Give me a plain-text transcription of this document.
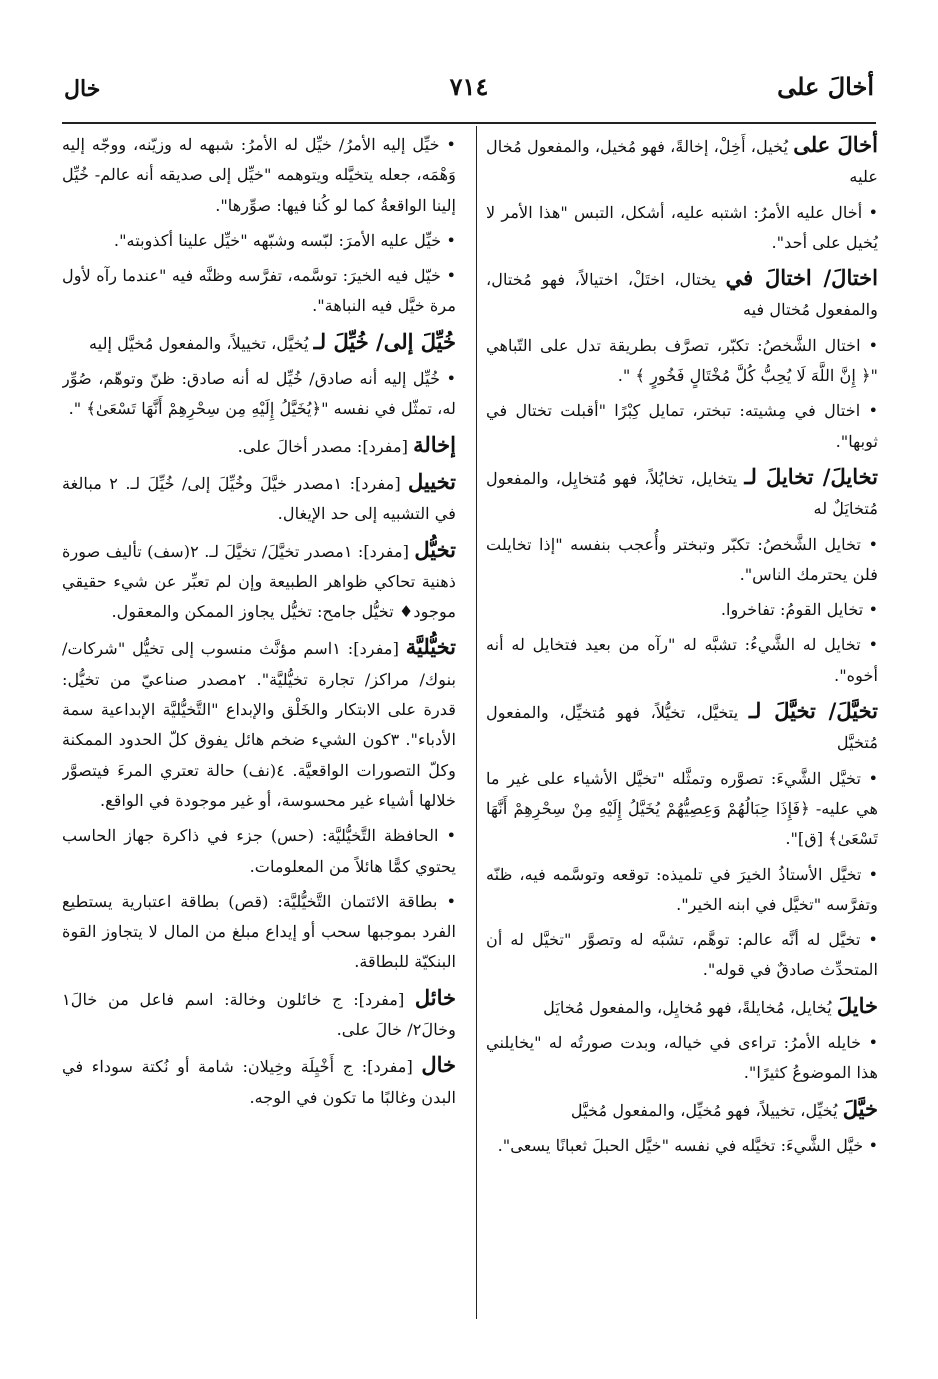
أخالَ على
٧١٤
خال

أخالَ على يُخيل، أَخِلْ، إخالةً، فهو مُخيل، والمفعول مُخال عليه

• أخال عليه الأمرُ: اشتبه عليه، أشكل، التبس "هذا الأمر لا يُخيل على أحد".

اختالَ/ اختالَ في يختال، اختَلْ، اختيالاً، فهو مُختال، والمفعول مُختال فيه

• اختال الشَّخصُ: تكبّر، تصرَّف بطريقة تدل على التّباهي "﴿ إِنَّ اللَّهَ لَا يُحِبُّ كُلَّ مُخْتَالٍ فَخُورٍ ﴾ ".

• اختال في مِشيته: تبختر، تمايل كِبْرًا "أقبلت تختال في ثوبها".

تخايلَ/ تخايلَ لـ يتخايل، تخايُلاً، فهو مُتخايِل، والمفعول مُتخايَلٌ له

• تخايل الشَّخصُ: تكبّر وتبختر وأُعجب بنفسه "إذا تخايلت فلن يحترمك الناس".

• تخايل القومُ: تفاخروا.

• تخايل له الشَّيءُ: تشبَّه له "رآه من بعيد فتخايل له أنه أخوه".

تخيَّلَ/ تخيَّلَ لـ يتخيَّل، تخيُّلاً، فهو مُتخيِّل، والمفعول مُتخيَّل

• تخيَّل الشَّيءَ: تصوَّره وتمثَّله "تخيَّل الأشياء على غير ما هي عليه- ﴿فَإِذَا حِبَالُهُمْ وَعِصِيُّهُمْ يُخَيَّلُ إِلَيْهِ مِنْ سِحْرِهِمْ أَنَّهَا تَسْعَىٰ﴾ [ق]".

• تخيَّل الأستاذُ الخيرَ في تلميذه: توقعه وتوسَّمه فيه، ظنّه وتفرَّسه "تخيَّل في ابنه الخير".

• تخيَّل له أنَّه عالم: توهَّم، تشبَّه له وتصوَّر "تخيَّل له أن المتحدِّث صادقٌ في قوله".

خايلَ يُخايل، مُخايلةً، فهو مُخايِل، والمفعول مُخايَل

• خايله الأمرُ: تراءى في خياله، وبدت صورتُه له "يخايلني هذا الموضوعُ كثيرًا".

خيَّلَ يُخيِّل، تخييلاً، فهو مُخيِّل، والمفعول مُخيَّل

• خيَّل الشَّيءَ: تخيَّله في نفسه "خيَّل الحبلَ ثعبانًا يسعى".

• خيِّل إليه الأمرُ/ خيِّل له الأمرُ: شبهه له وزيّنه، ووجّه إليه وَهْمَه، جعله يتخيَّله ويتوهمه "خيِّل إلى صديقه أنه عالم- خُيِّل إلينا الواقعةُ كما لو كُنا فيها: صوِّرها".

• خيِّل عليه الأمرَ: لبّسه وشبّهه "خيِّل علينا أكذوبته".

• خيّل فيه الخيرَ: توسَّمه، تفرَّسه وظنَّه فيه "عندما رآه لأول مرة خيَّل فيه النباهة".

خُيِّلَ إلى/ خُيِّلَ لـ يُخيَّل، تخييلاً، والمفعول مُخيَّل إليه

• خُيِّل إليه أنه صادق/ خُيِّل له أنه صادق: ظنّ وتوهّم، صُوِّر له، تمثّل في نفسه "﴿يُخَيَّلُ إِلَيْهِ مِن سِحْرِهِمْ أَنَّهَا تَسْعَىٰ﴾ ".

إخالة [مفرد]: مصدر أخالَ على.

تخييل [مفرد]: ١مصدر خيَّلَ وخُيِّلَ إلى/ خُيِّلَ لـ. ٢ مبالغة في التشبيه إلى حد الإيغال.

تخيُّل [مفرد]: ١مصدر تخيَّلَ/ تخيَّلَ لـ. ٢(سف) تأليف صورة ذهنية تحاكي ظواهر الطبيعة وإن لم تعبِّر عن شيء حقيقي موجود♦ تخيُّل جامح: تخيُّل يجاوز الممكن والمعقول.

تخيُّليَّة [مفرد]: ١اسم مؤنَّث منسوب إلى تخيُّل "شركات/ بنوك/ مراكز/ تجارة تخيُّليَّة". ٢مصدر صناعيّ من تخيُّل: قدرة على الابتكار والخَلْق والإبداع "التَّخيُّليَّة الإبداعية سمة الأدباء". ٣كون الشيء ضخم هائل يفوق كلّ الحدود الممكنة وكلّ التصورات الواقعيَّة. ٤(نف) حالة تعتري المرءَ فيتصوَّر خلالها أشياء غير محسوسة، أو غير موجودة في الواقع.

• الحافظة التَّخيُّليَّة: (حس) جزء في ذاكرة جهاز الحاسب يحتوي كمًّا هائلاً من المعلومات.

• بطاقة الائتمان التَّخيُّليَّة: (قص) بطاقة اعتبارية يستطيع الفرد بموجبها سحب أو إيداع مبلغ من المال لا يتجاوز القوة البنكيّة للبطاقة.

خائل [مفرد]: ج خائلون وخالة: اسم فاعل من خالَ١ وخالَ٢/ خالَ على.

خال [مفرد]: ج أَخْيِلَة وخِيلان: شامة أو نُكتة سوداء في البدن وغالبًا ما تكون في الوجه.
